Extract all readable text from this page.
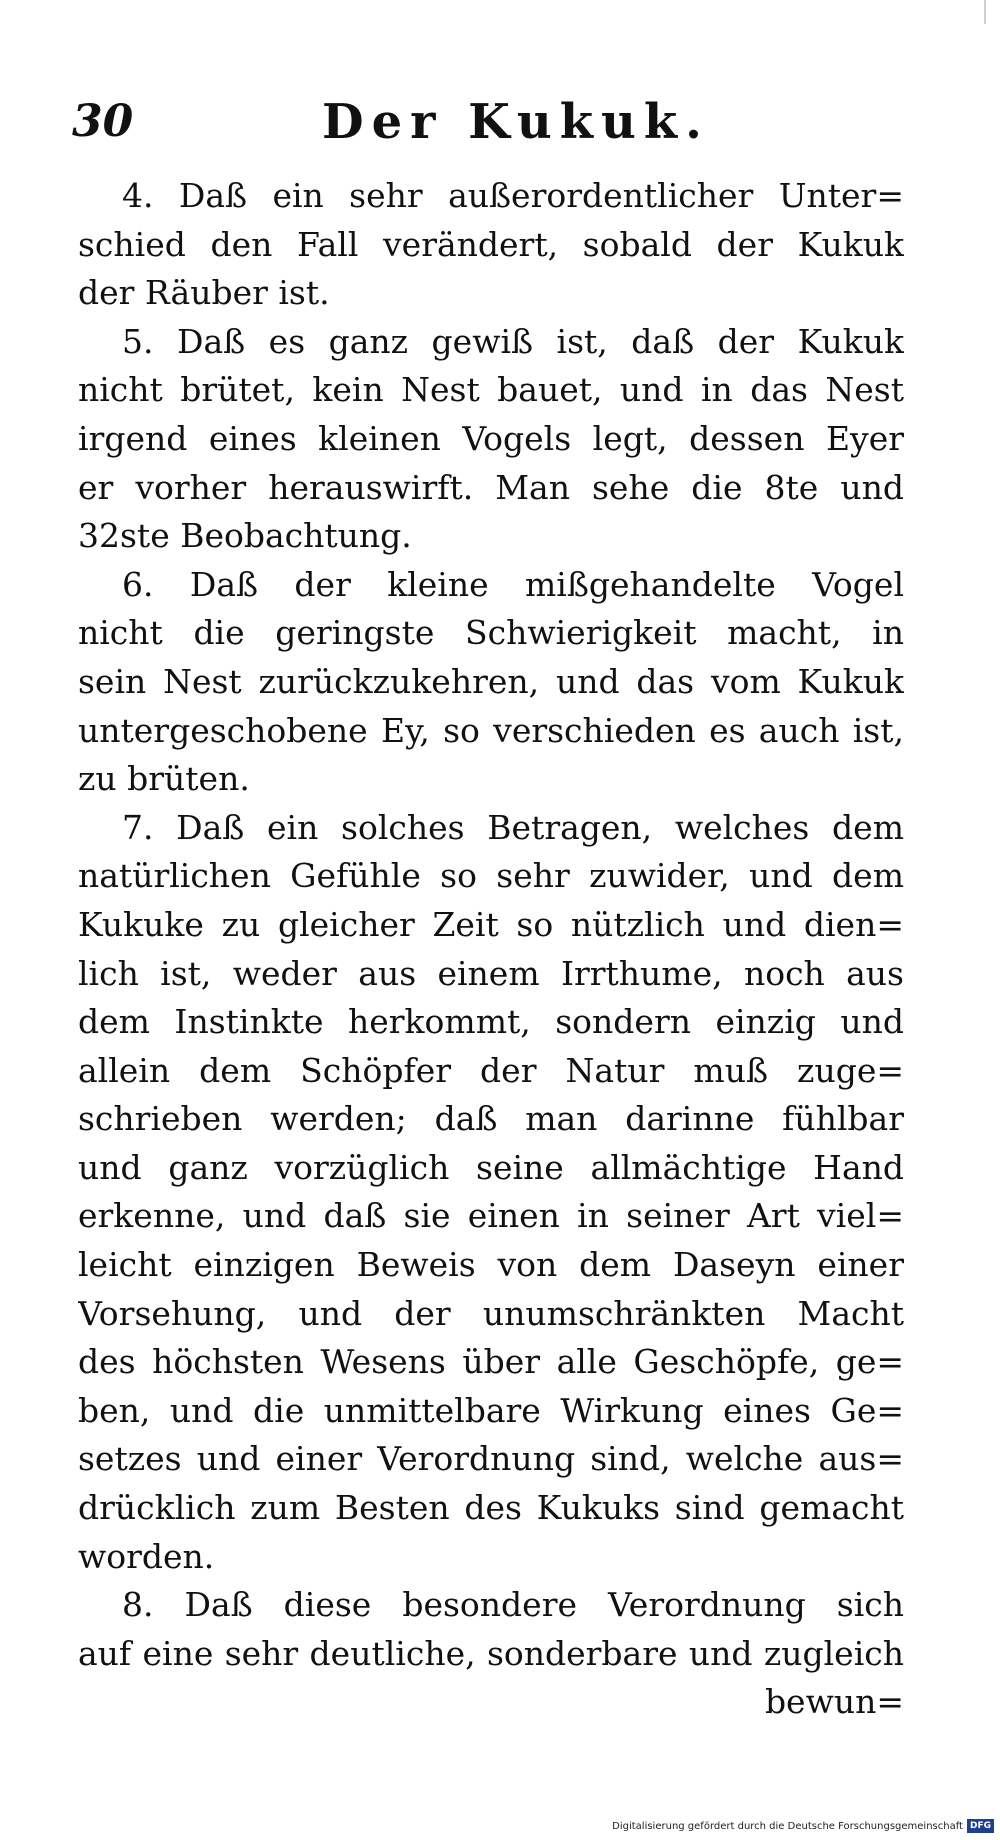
30	Der Kukuk.
4. Daß ein sehr außerordentlicher Unter=
schied den Fall verändert, sobald der Kukuk
der Räuber ist.
5. Daß es ganz gewiß ist, daß der Kukuk
nicht brütet, kein Nest bauet, und in das Nest
irgend eines kleinen Vogels legt, dessen Eyer
er vorher herauswirft. Man sehe die 8te und
32ste Beobachtung.
6. Daß der kleine mißgehandelte Vogel
nicht die geringste Schwierigkeit macht, in
sein Nest zurückzukehren, und das vom Kukuk
untergeschobene Ey, so verschieden es auch ist,
zu brüten.
7. Daß ein solches Betragen, welches dem
natürlichen Gefühle so sehr zuwider, und dem
Kukuke zu gleicher Zeit so nützlich und dien=
lich ist, weder aus einem Irrthume, noch aus
dem Instinkte herkommt, sondern einzig und
allein dem Schöpfer der Natur muß zuge=
schrieben werden; daß man darinne fühlbar
und ganz vorzüglich seine allmächtige Hand
erkenne, und daß sie einen in seiner Art viel=
leicht einzigen Beweis von dem Daseyn einer
Vorsehung, und der unumschränkten Macht
des höchsten Wesens über alle Geschöpfe, ge=
ben, und die unmittelbare Wirkung eines Ge=
setzes und einer Verordnung sind, welche aus=
drücklich zum Besten des Kukuks sind gemacht
worden.
8. Daß diese besondere Verordnung sich
auf eine sehr deutliche, sonderbare und zugleich
bewun=
Digitalisierung gefördert durch die Deutsche Forschungsgemeinschaft DFG
